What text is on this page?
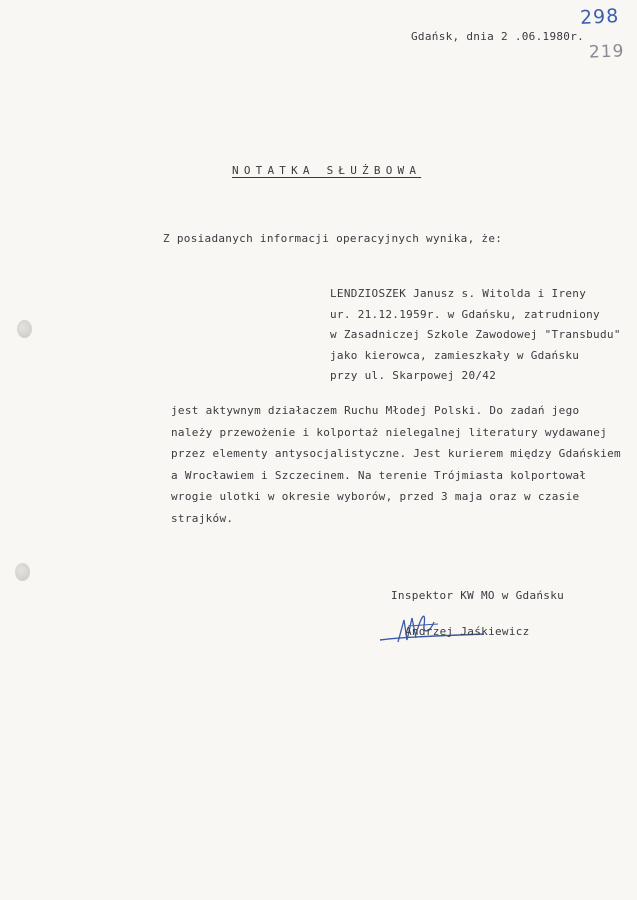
Gdańsk, dnia 2 .06.1980r.
298
219
NOTATKA SŁUŻBOWA
Z posiadanych informacji operacyjnych wynika, że:
LENDZIOSZEK Janusz s. Witolda i Ireny
ur. 21.12.1959r. w Gdańsku, zatrudniony
w Zasadniczej Szkole Zawodowej "Transbudu"
jako kierowca, zamieszkały w Gdańsku
przy ul. Skarpowej 20/42
jest aktywnym działaczem Ruchu Młodej Polski. Do zadań jego
należy przewożenie i kolportaż nielegalnej literatury wydawanej
przez elementy antysocjalistyczne. Jest kurierem między Gdańskiem
a Wrocławiem i Szczecinem. Na terenie Trójmiasta kolportował
wrogie ulotki w okresie wyborów, przed 3 maja oraz w czasie
strajków.
Inspektor KW MO w Gdańsku
Andrzej Jaśkiewicz
